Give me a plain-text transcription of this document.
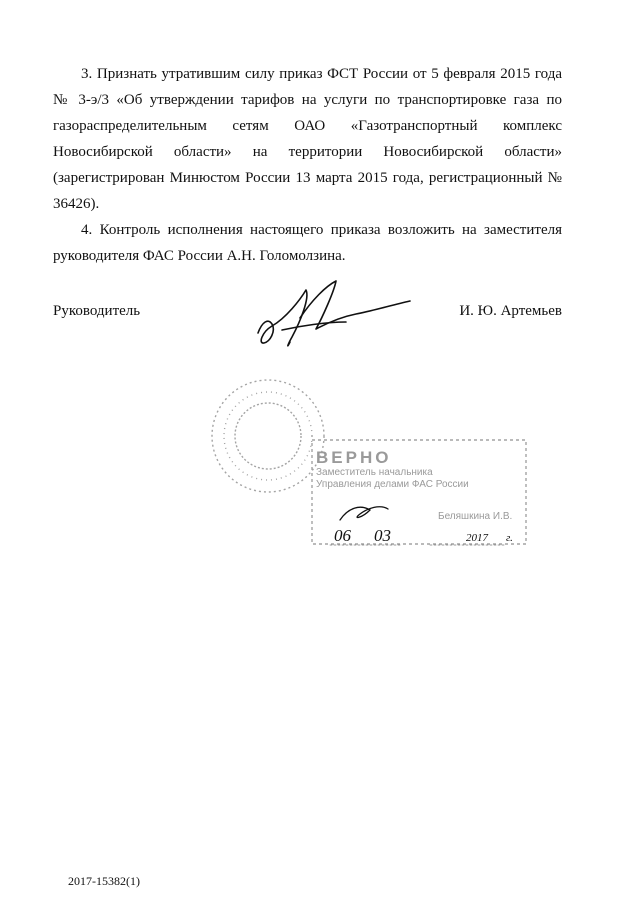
3. Признать утратившим силу приказ ФСТ России от 5 февраля 2015 года № 3-э/3 «Об утверждении тарифов на услуги по транспортировке газа по газораспределительным сетям ОАО «Газотранспортный комплекс Новосибирской области» на территории Новосибирской области» (зарегистрирован Минюстом России 13 марта 2015 года, регистрационный № 36426).

4. Контроль исполнения настоящего приказа возложить на заместителя руководителя ФАС России А.Н. Голомолзина.

Руководитель	И. Ю. Артемьев
ВЕРНО
Заместитель начальника
Управления делами ФАС России
Беляшкина И.В.
06 03	2017 г.
2017-15382(1)
